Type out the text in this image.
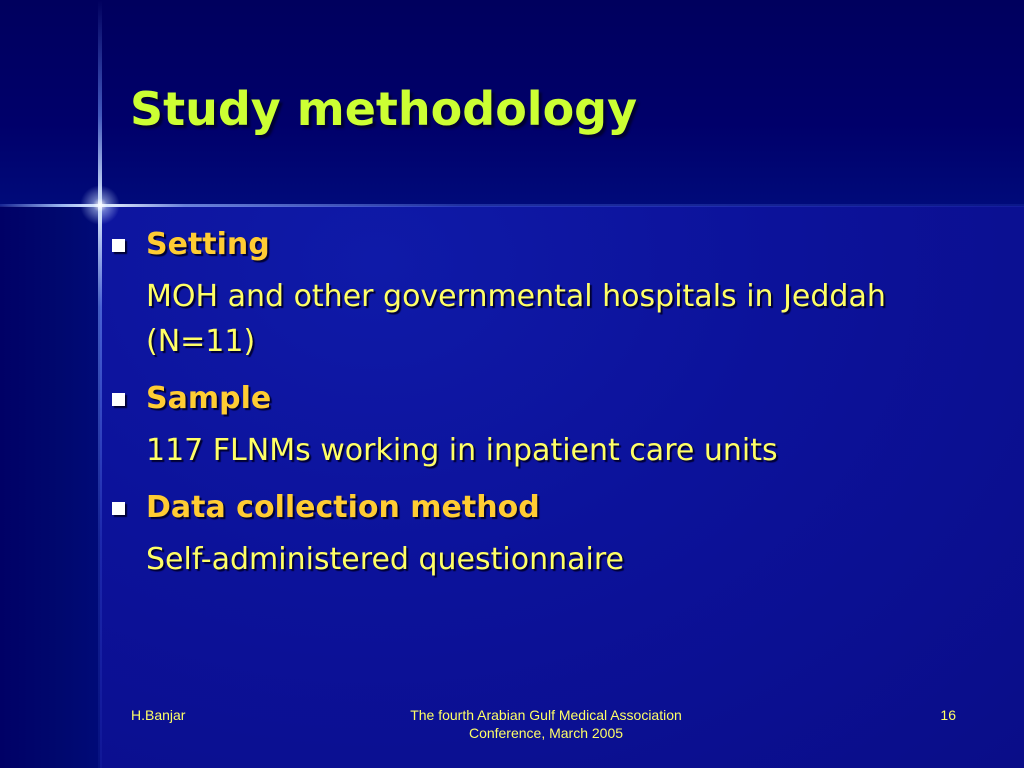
Study methodology
Setting
MOH and other governmental hospitals in Jeddah (N=11)
Sample
117 FLNMs working in inpatient care units
Data collection method
Self-administered questionnaire
H.Banjar	The fourth Arabian Gulf Medical Association
Conference, March 2005
16
